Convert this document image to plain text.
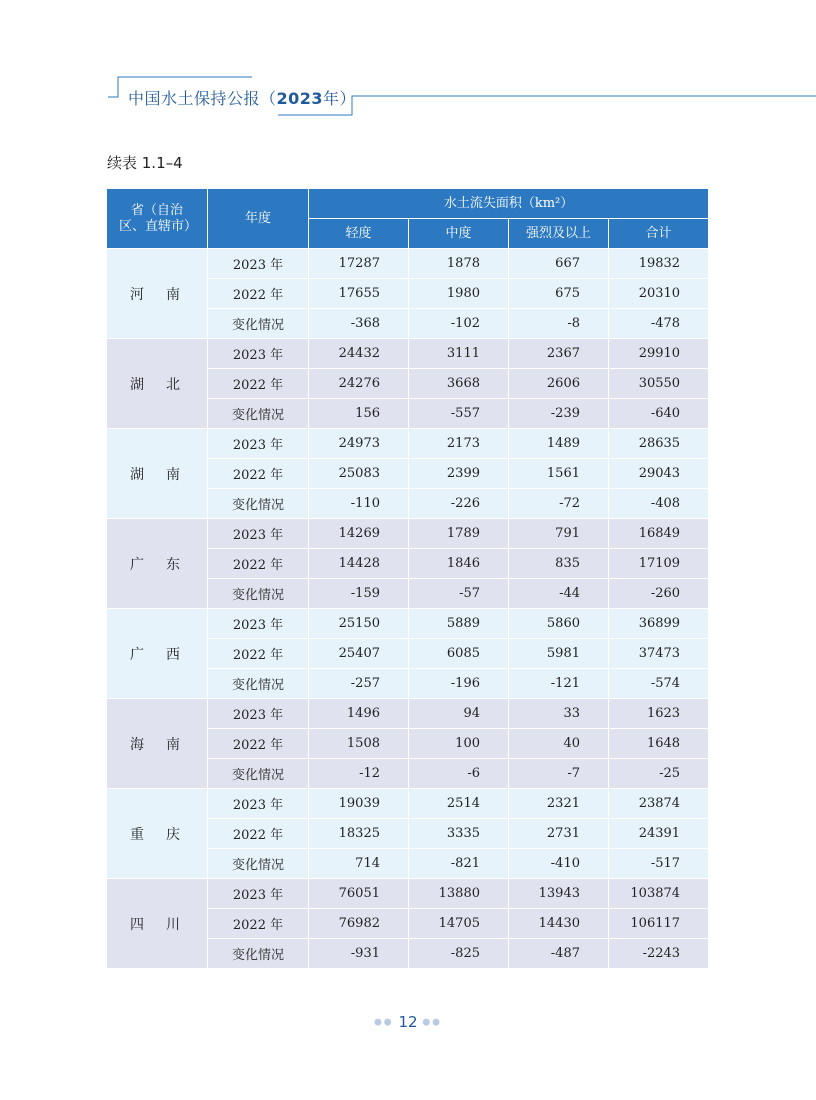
中国水土保持公报（2023年）
续表 1.1–4
省（自治区、直辖市）	年度	水土流失面积（km²）			
		轻度	中度	强烈及以上	合计
河　南	2023 年	17287	1878	667	19832
	2022 年	17655	1980	675	20310
	变化情况	-368	-102	-8	-478
湖　北	2023 年	24432	3111	2367	29910
	2022 年	24276	3668	2606	30550
	变化情况	156	-557	-239	-640
湖　南	2023 年	24973	2173	1489	28635
	2022 年	25083	2399	1561	29043
	变化情况	-110	-226	-72	-408
广　东	2023 年	14269	1789	791	16849
	2022 年	14428	1846	835	17109
	变化情况	-159	-57	-44	-260
广　西	2023 年	25150	5889	5860	36899
	2022 年	25407	6085	5981	37473
	变化情况	-257	-196	-121	-574
海　南	2023 年	1496	94	33	1623
	2022 年	1508	100	40	1648
	变化情况	-12	-6	-7	-25
重　庆	2023 年	19039	2514	2321	23874
	2022 年	18325	3335	2731	24391
	变化情况	714	-821	-410	-517
四　川	2023 年	76051	13880	13943	103874
	2022 年	76982	14705	14430	106117
	变化情况	-931	-825	-487	-2243
●● 12 ●●
